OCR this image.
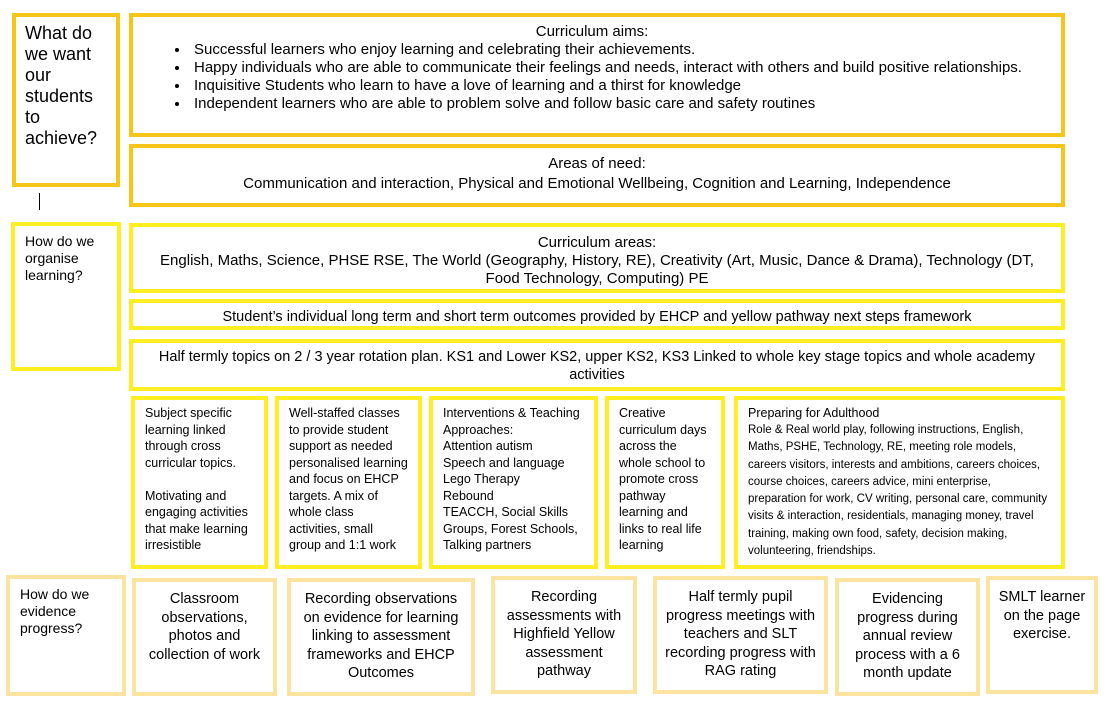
What do we want our students to achieve?
Curriculum aims:
• Successful learners who enjoy learning and celebrating their achievements.
• Happy individuals who are able to communicate their feelings and needs, interact with others and build positive relationships.
• Inquisitive Students who learn to have a love of learning and a thirst for knowledge
• Independent learners who are able to problem solve and follow basic care and safety routines
Areas of need:
Communication and interaction, Physical and Emotional Wellbeing, Cognition and Learning, Independence
How do we organise learning?
Curriculum areas:
English, Maths, Science, PHSE RSE, The World (Geography, History, RE), Creativity (Art, Music, Dance & Drama), Technology (DT, Food Technology, Computing) PE
Student’s individual long term and short term outcomes provided by EHCP and yellow pathway next steps framework
Half termly topics on 2 / 3 year rotation plan. KS1 and Lower KS2, upper KS2, KS3 Linked to whole key stage topics and whole academy activities
Subject specific learning linked through cross curricular topics.

Motivating and engaging activities that make learning irresistible
Well-staffed classes to provide student support as needed personalised learning and focus on EHCP targets. A mix of whole class activities, small group and 1:1 work
Interventions & Teaching Approaches:
Attention autism
Speech and language
Lego Therapy
Rebound
TEACCH, Social Skills Groups, Forest Schools, Talking partners
Creative curriculum days across the whole school to promote cross pathway learning and links to real life learning
Preparing for Adulthood
Role & Real world play, following instructions, English, Maths, PSHE, Technology, RE, meeting role models, careers visitors, interests and ambitions, careers choices, course choices, careers advice, mini enterprise, preparation for work, CV writing, personal care, community visits & interaction, residentials, managing money, travel training, making own food, safety, decision making, volunteering, friendships.
How do we evidence progress?
Classroom observations, photos and collection of work
Recording observations on evidence for learning linking to assessment frameworks and EHCP Outcomes
Recording assessments with Highfield Yellow assessment pathway
Half termly pupil progress meetings with teachers and SLT recording progress with RAG rating
Evidencing progress during annual review process with a 6 month update
SMLT learner on the page exercise.
